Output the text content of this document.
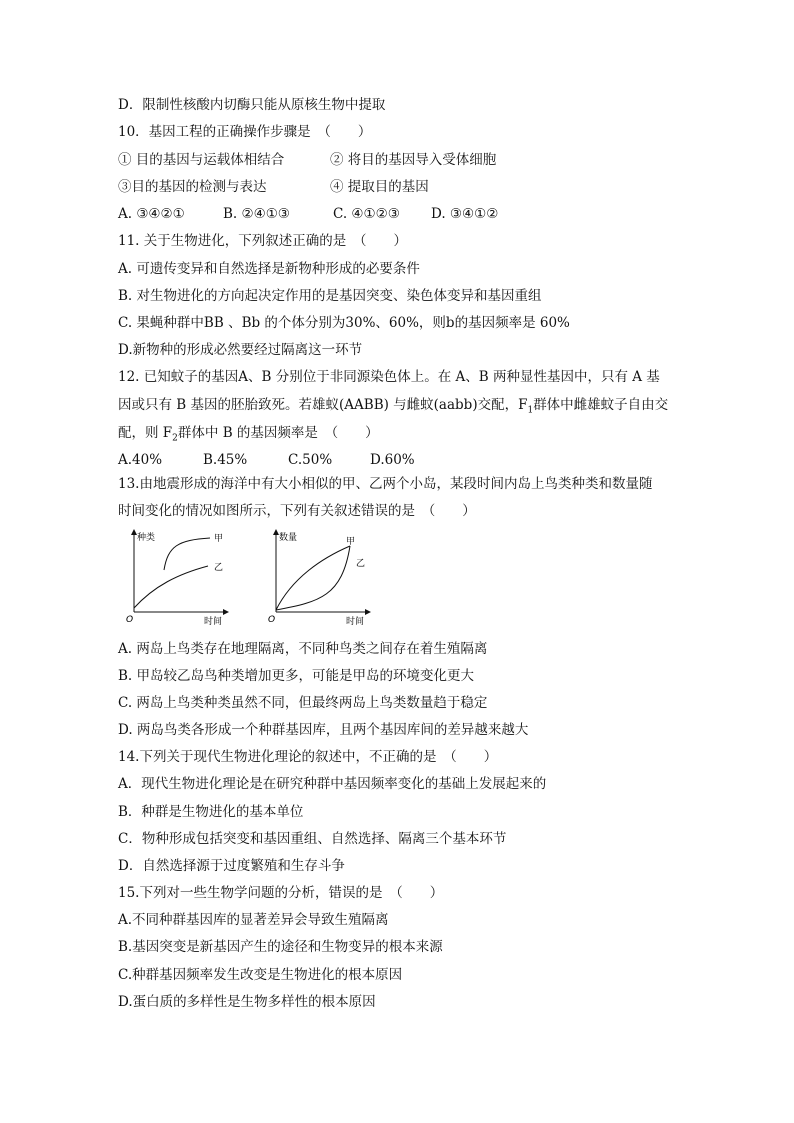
D．限制性核酸内切酶只能从原核生物中提取
10．基因工程的正确操作步骤是　（　　）
① 目的基因与运载体相结合	② 将目的基因导入受体细胞
③目的基因的检测与表达	④ 提取目的基因
A. ③④②①	B. ②④①③	C. ④①②③ D. ③④①②
11. 关于生物进化，下列叙述正确的是　（　　）
A. 可遗传变异和自然选择是新物种形成的必要条件
B. 对生物进化的方向起决定作用的是基因突变、染色体变异和基因重组
C. 果蝇种群中BB 、Bb 的个体分别为30%、60%，则b的基因频率是 60%
D.新物种的形成必然要经过隔离这一环节
12. 已知蚊子的基因A、B 分别位于非同源染色体上。在 A、B 两种显性基因中，只有 A 基
因或只有 B 基因的胚胎致死。若雄蚁(AABB) 与雌蚊(aabb)交配，$F_1$群体中雌雄蚊子自由交
配，则 $F_2$群体中 B 的基因频率是　（　　）
A.40%	B.45%	C.50%	D.60%
13.由地震形成的海洋中有大小相似的甲、乙两个小岛，某段时间内岛上鸟类种类和数量随
时间变化的情况如图所示，下列有关叙述错误的是　（　　）
种类
时间
O
甲
乙
数量
时间
O
甲
乙
A. 两岛上鸟类存在地理隔离，不同种鸟类之间存在着生殖隔离
B. 甲岛较乙岛鸟种类增加更多，可能是甲岛的环境变化更大
C. 两岛上鸟类种类虽然不同，但最终两岛上鸟类数量趋于稳定
D. 两岛鸟类各形成一个种群基因库，且两个基因库间的差异越来越大
14.下列关于现代生物进化理论的叙述中，不正确的是　（　　）
A．现代生物进化理论是在研究种群中基因频率变化的基础上发展起来的
B．种群是生物进化的基本单位
C．物种形成包括突变和基因重组、自然选择、隔离三个基本环节
D．自然选择源于过度繁殖和生存斗争
15.下列对一些生物学问题的分析，错误的是　（　　）
A.不同种群基因库的显著差异会导致生殖隔离
B.基因突变是新基因产生的途径和生物变异的根本来源
C.种群基因频率发生改变是生物进化的根本原因
D.蛋白质的多样性是生物多样性的根本原因
